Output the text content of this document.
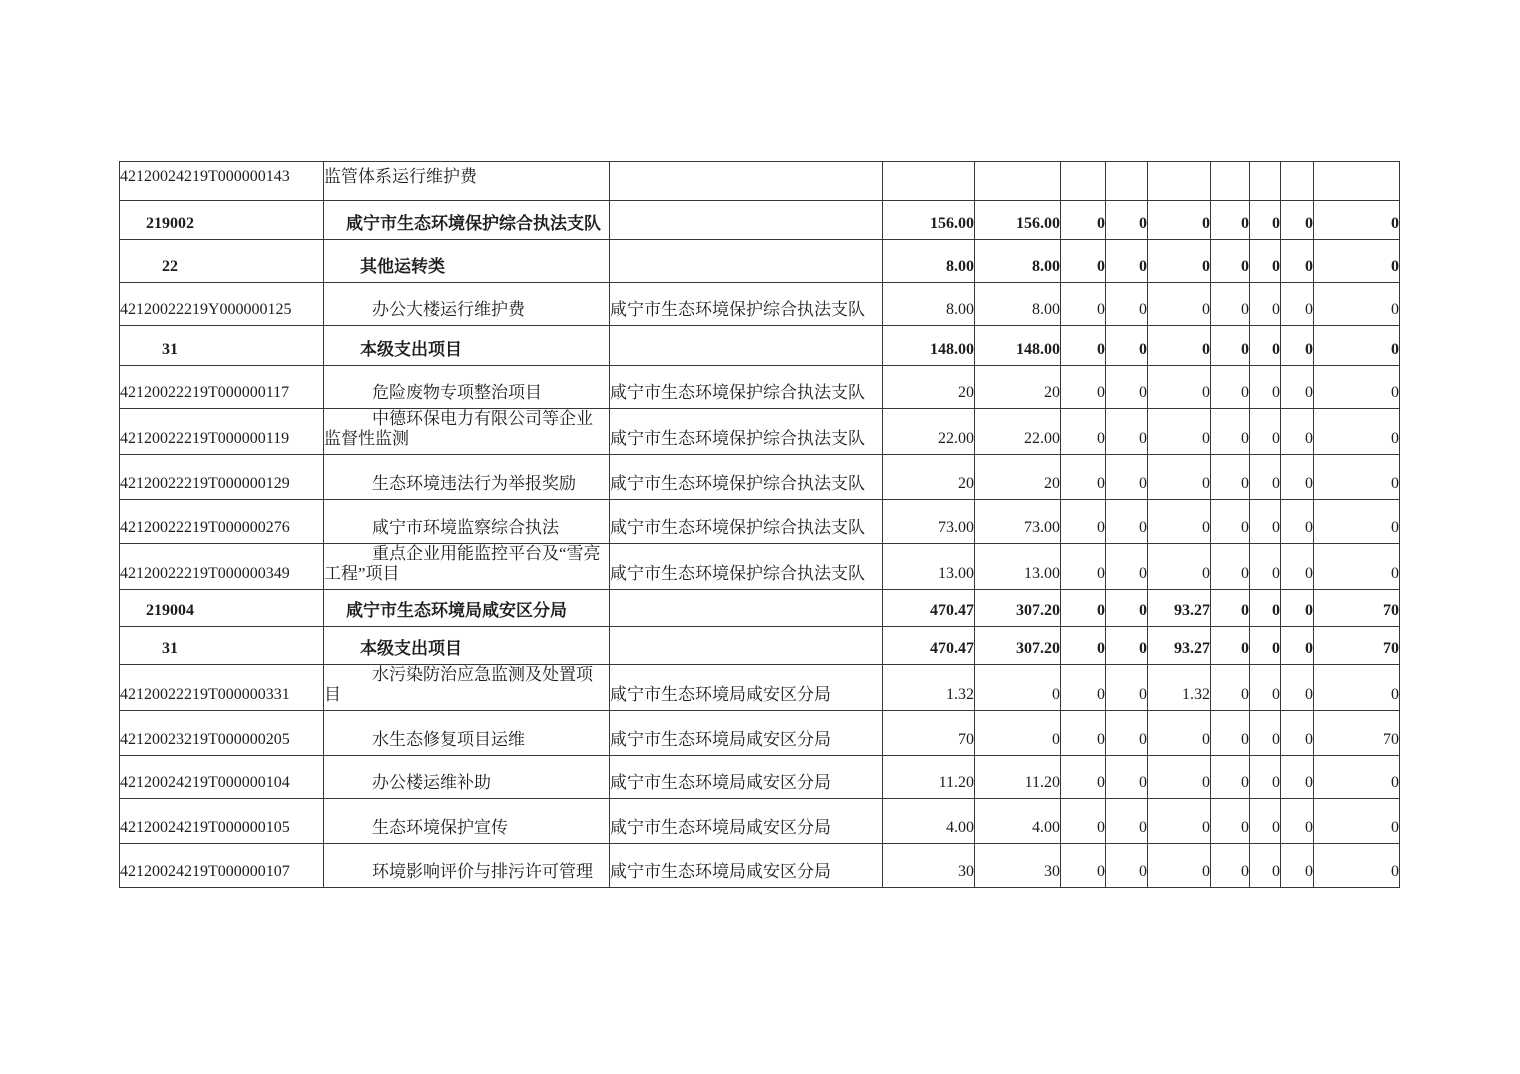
42120024219T000000143	监管体系运行维护费										
219002	咸宁市生态环境保护综合执法支队		156.00	156.00	0	0	0	0	0	0	0
22	其他运转类		8.00	8.00	0	0	0	0	0	0	0
42120022219Y000000125	办公大楼运行维护费	咸宁市生态环境保护综合执法支队	8.00	8.00	0	0	0	0	0	0	0
31	本级支出项目		148.00	148.00	0	0	0	0	0	0	0
42120022219T000000117	危险废物专项整治项目	咸宁市生态环境保护综合执法支队	20	20	0	0	0	0	0	0	0
42120022219T000000119	中德环保电力有限公司等企业监督性监测	咸宁市生态环境保护综合执法支队	22.00	22.00	0	0	0	0	0	0	0
42120022219T000000129	生态环境违法行为举报奖励	咸宁市生态环境保护综合执法支队	20	20	0	0	0	0	0	0	0
42120022219T000000276	咸宁市环境监察综合执法	咸宁市生态环境保护综合执法支队	73.00	73.00	0	0	0	0	0	0	0
42120022219T000000349	重点企业用能监控平台及“雪亮工程”项目	咸宁市生态环境保护综合执法支队	13.00	13.00	0	0	0	0	0	0	0
219004	咸宁市生态环境局咸安区分局		470.47	307.20	0	0	93.27	0	0	0	70
31	本级支出项目		470.47	307.20	0	0	93.27	0	0	0	70
42120022219T000000331	水污染防治应急监测及处置项目	咸宁市生态环境局咸安区分局	1.32	0	0	0	1.32	0	0	0	0
42120023219T000000205	水生态修复项目运维	咸宁市生态环境局咸安区分局	70	0	0	0	0	0	0	0	70
42120024219T000000104	办公楼运维补助	咸宁市生态环境局咸安区分局	11.20	11.20	0	0	0	0	0	0	0
42120024219T000000105	生态环境保护宣传	咸宁市生态环境局咸安区分局	4.00	4.00	0	0	0	0	0	0	0
42120024219T000000107	环境影响评价与排污许可管理	咸宁市生态环境局咸安区分局	30	30	0	0	0	0	0	0	0
